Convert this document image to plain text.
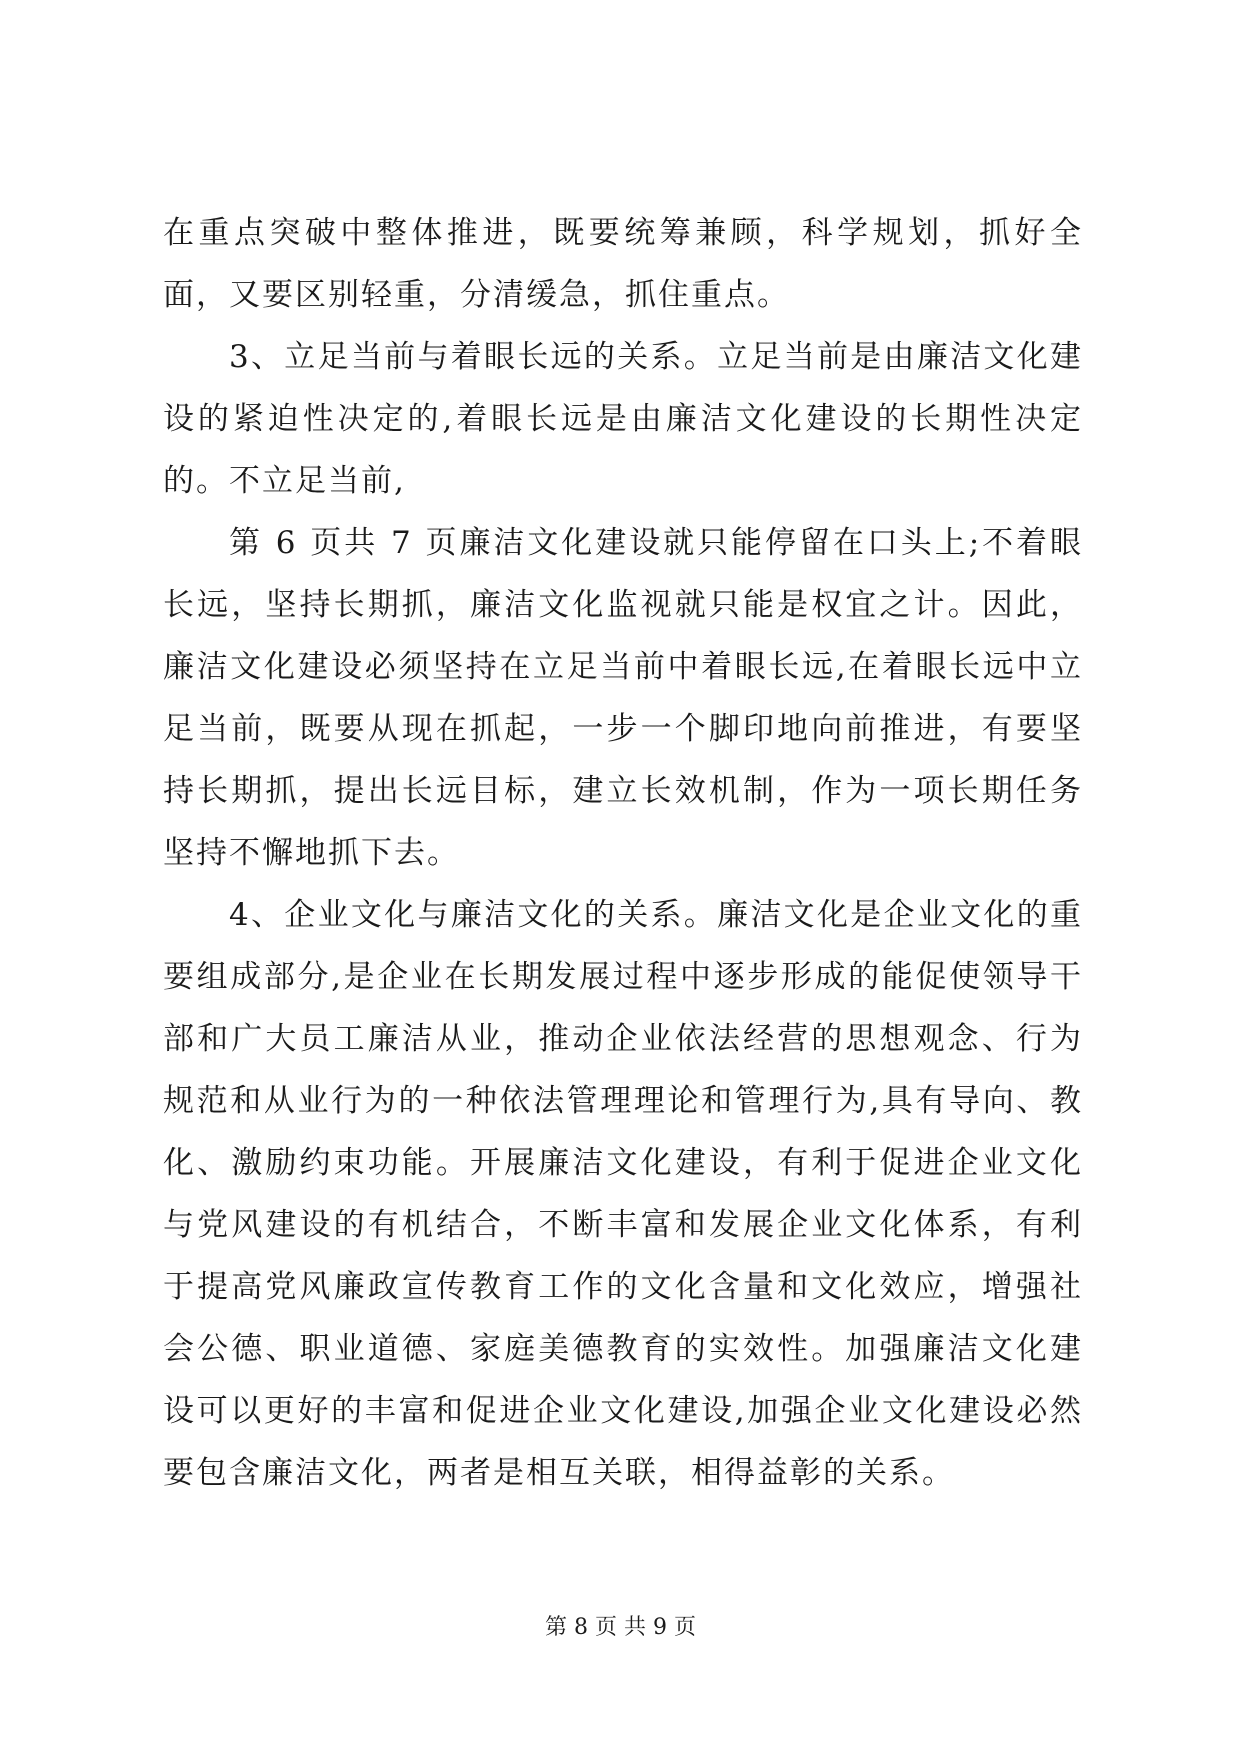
在重点突破中整体推进，既要统筹兼顾，科学规划，抓好全面，又要区别轻重，分清缓急，抓住重点。

3、立足当前与着眼长远的关系。立足当前是由廉洁文化建设的紧迫性决定的,着眼长远是由廉洁文化建设的长期性决定的。不立足当前,

第 6 页共 7 页廉洁文化建设就只能停留在口头上;不着眼长远，坚持长期抓，廉洁文化监视就只能是权宜之计。因此，廉洁文化建设必须坚持在立足当前中着眼长远,在着眼长远中立足当前，既要从现在抓起，一步一个脚印地向前推进，有要坚持长期抓，提出长远目标，建立长效机制，作为一项长期任务坚持不懈地抓下去。

4、企业文化与廉洁文化的关系。廉洁文化是企业文化的重要组成部分,是企业在长期发展过程中逐步形成的能促使领导干部和广大员工廉洁从业，推动企业依法经营的思想观念、行为规范和从业行为的一种依法管理理论和管理行为,具有导向、教化、激励约束功能。开展廉洁文化建设，有利于促进企业文化与党风建设的有机结合，不断丰富和发展企业文化体系，有利于提高党风廉政宣传教育工作的文化含量和文化效应，增强社会公德、职业道德、家庭美德教育的实效性。加强廉洁文化建设可以更好的丰富和促进企业文化建设,加强企业文化建设必然要包含廉洁文化，两者是相互关联，相得益彰的关系。

第 8 页 共 9 页
